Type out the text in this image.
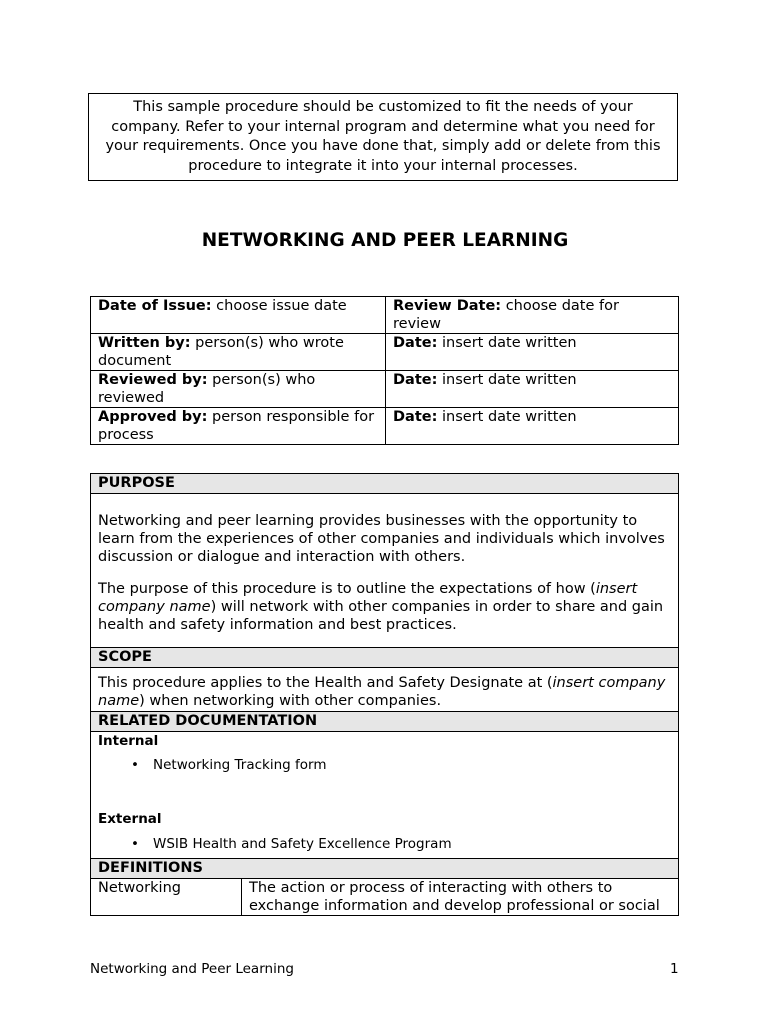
This sample procedure should be customized to fit the needs of your company. Refer to your internal program and determine what you need for your requirements. Once you have done that, simply add or delete from this procedure to integrate it into your internal processes.
NETWORKING AND PEER LEARNING
Date of Issue: choose issue date	Review Date: choose date for review
Written by: person(s) who wrote document	Date: insert date written
Reviewed by: person(s) who reviewed	Date: insert date written
Approved by: person responsible for process	Date: insert date written
PURPOSE

Networking and peer learning provides businesses with the opportunity to learn from the experiences of other companies and individuals which involves discussion or dialogue and interaction with others.

The purpose of this procedure is to outline the expectations of how (insert company name) will network with other companies in order to share and gain health and safety information and best practices.

SCOPE
This procedure applies to the Health and Safety Designate at (insert company name) when networking with other companies.
RELATED DOCUMENTATION
Internal
• Networking Tracking form
External
• WSIB Health and Safety Excellence Program
DEFINITIONS
Networking	The action or process of interacting with others to exchange information and develop professional or social
Networking and Peer Learning	1
